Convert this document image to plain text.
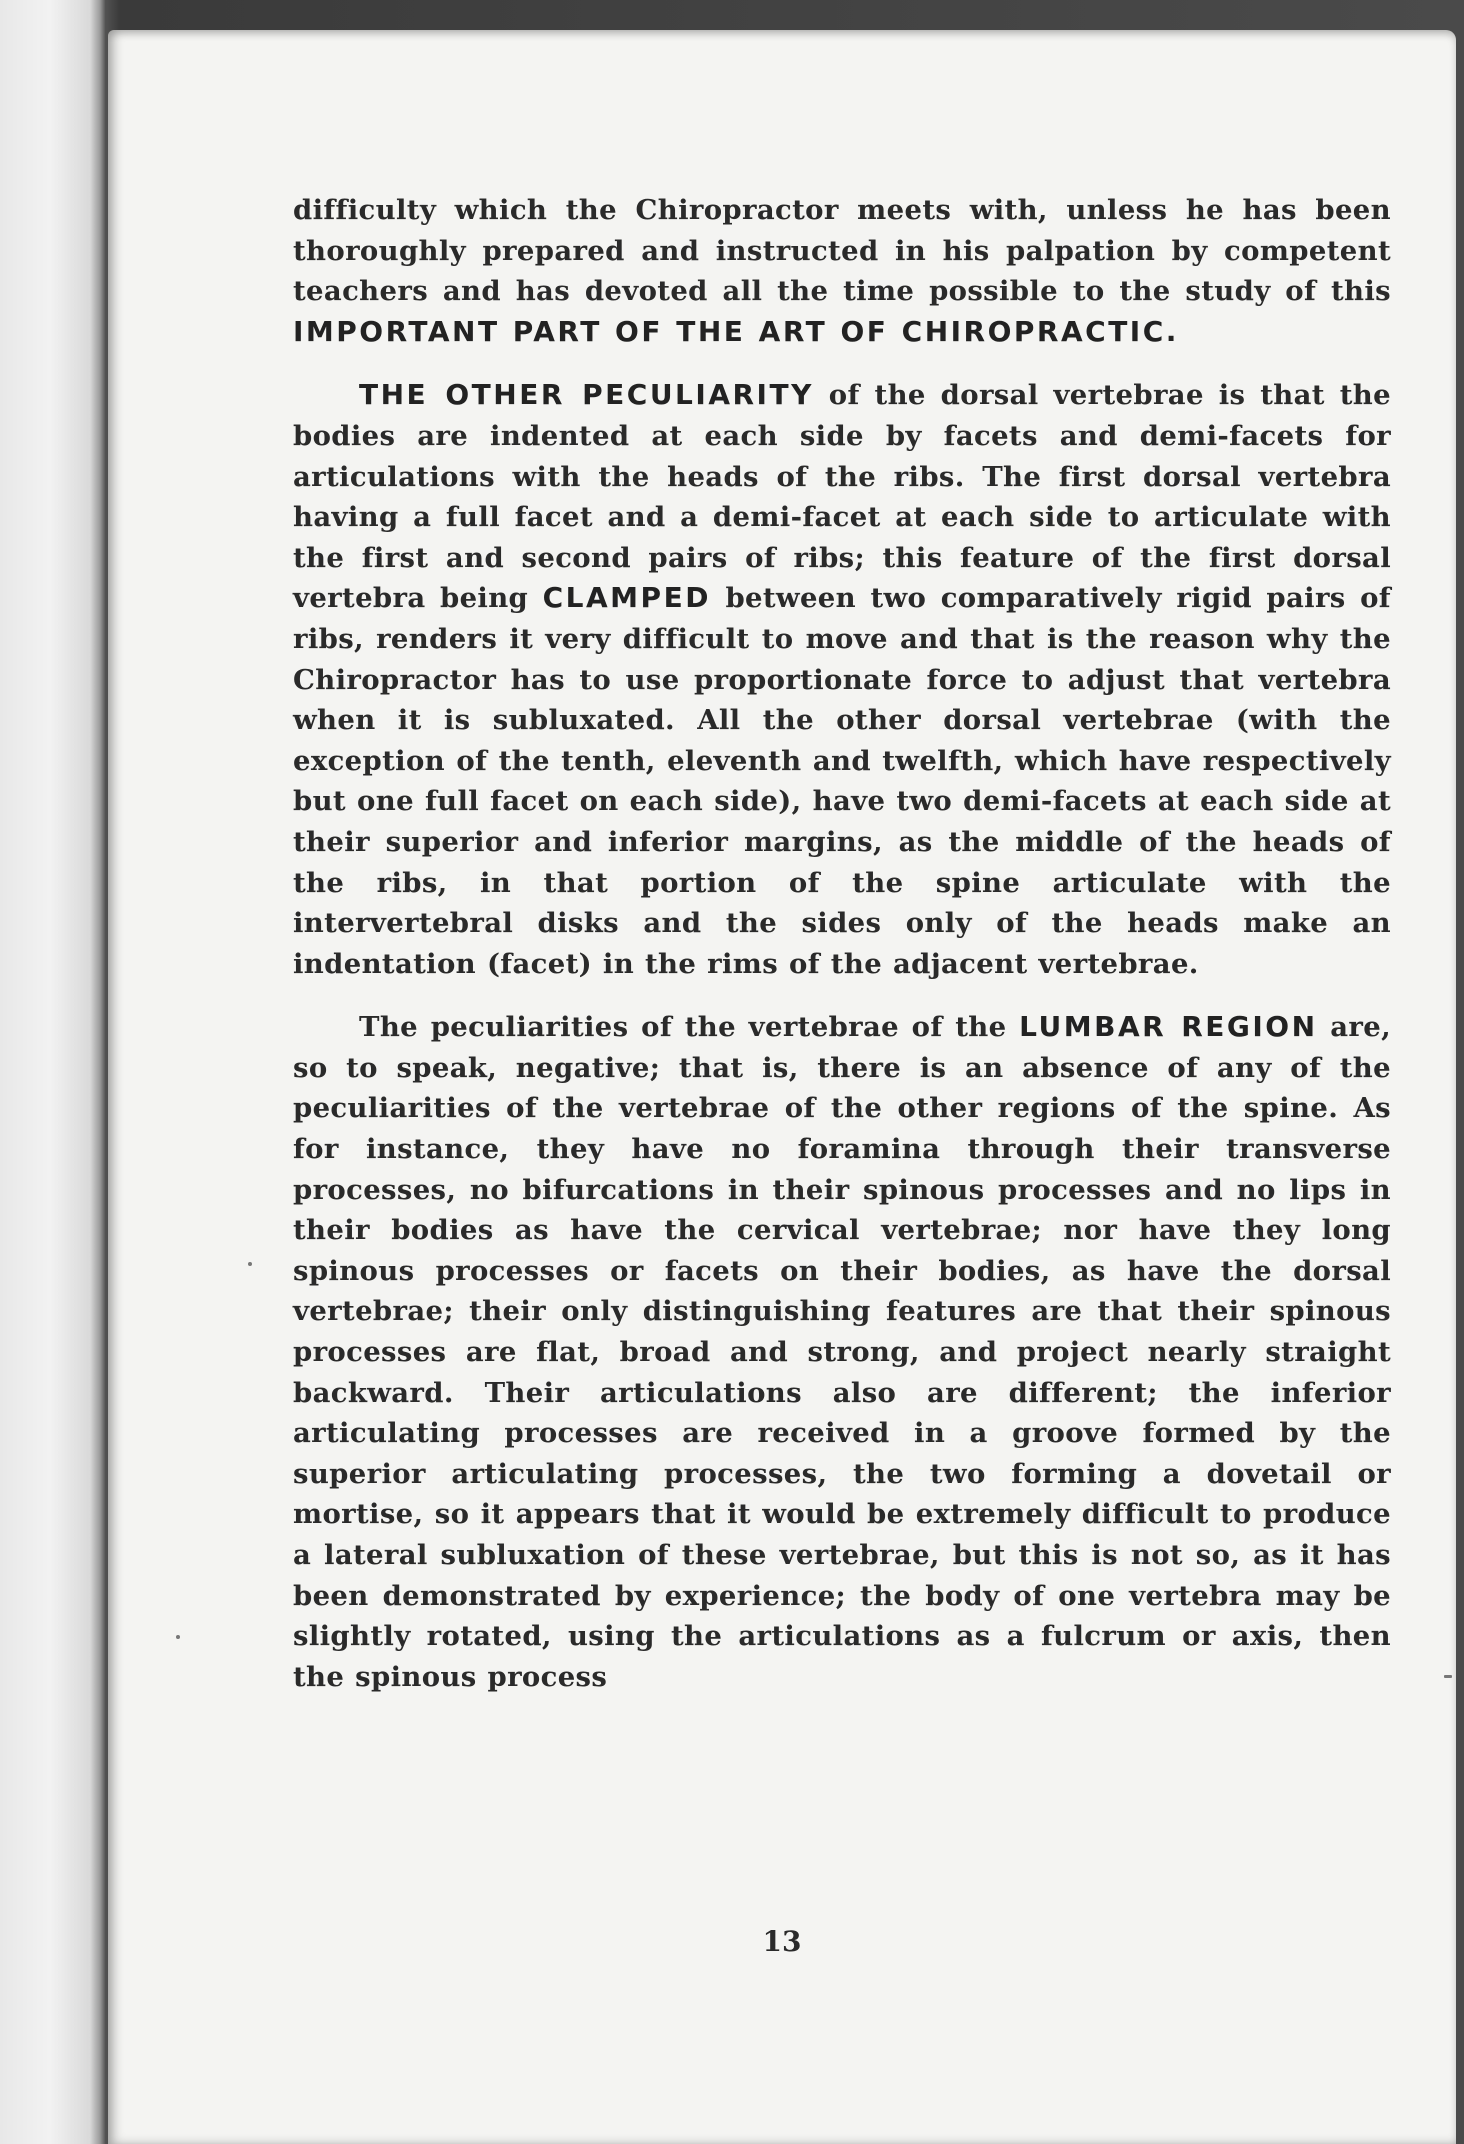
difficulty which the Chiropractor meets with, unless he has been thoroughly prepared and instructed in his palpation by competent teachers and has devoted all the time possible to the study of this IMPORTANT PART OF THE ART OF CHIROPRACTIC.

THE OTHER PECULIARITY of the dorsal vertebrae is that the bodies are indented at each side by facets and demi-facets for articulations with the heads of the ribs. The first dorsal vertebra having a full facet and a demi-facet at each side to articulate with the first and second pairs of ribs; this feature of the first dorsal vertebra being CLAMPED between two comparatively rigid pairs of ribs, renders it very difficult to move and that is the reason why the Chiropractor has to use proportionate force to adjust that vertebra when it is subluxated. All the other dorsal vertebrae (with the exception of the tenth, eleventh and twelfth, which have respectively but one full facet on each side), have two demi-facets at each side at their superior and inferior margins, as the middle of the heads of the ribs, in that portion of the spine articulate with the intervertebral disks and the sides only of the heads make an indentation (facet) in the rims of the adjacent vertebrae.

The peculiarities of the vertebrae of the LUMBAR REGION are, so to speak, negative; that is, there is an absence of any of the peculiarities of the vertebrae of the other regions of the spine. As for instance, they have no foramina through their transverse processes, no bifurcations in their spinous processes and no lips in their bodies as have the cervical vertebrae; nor have they long spinous processes or facets on their bodies, as have the dorsal vertebrae; their only distinguishing features are that their spinous processes are flat, broad and strong, and project nearly straight backward. Their articulations also are different; the inferior articulating processes are received in a groove formed by the superior articulating processes, the two forming a dovetail or mortise, so it appears that it would be extremely difficult to produce a lateral subluxation of these vertebrae, but this is not so, as it has been demonstrated by experience; the body of one vertebra may be slightly rotated, using the articulations as a fulcrum or axis, then the spinous process

13
